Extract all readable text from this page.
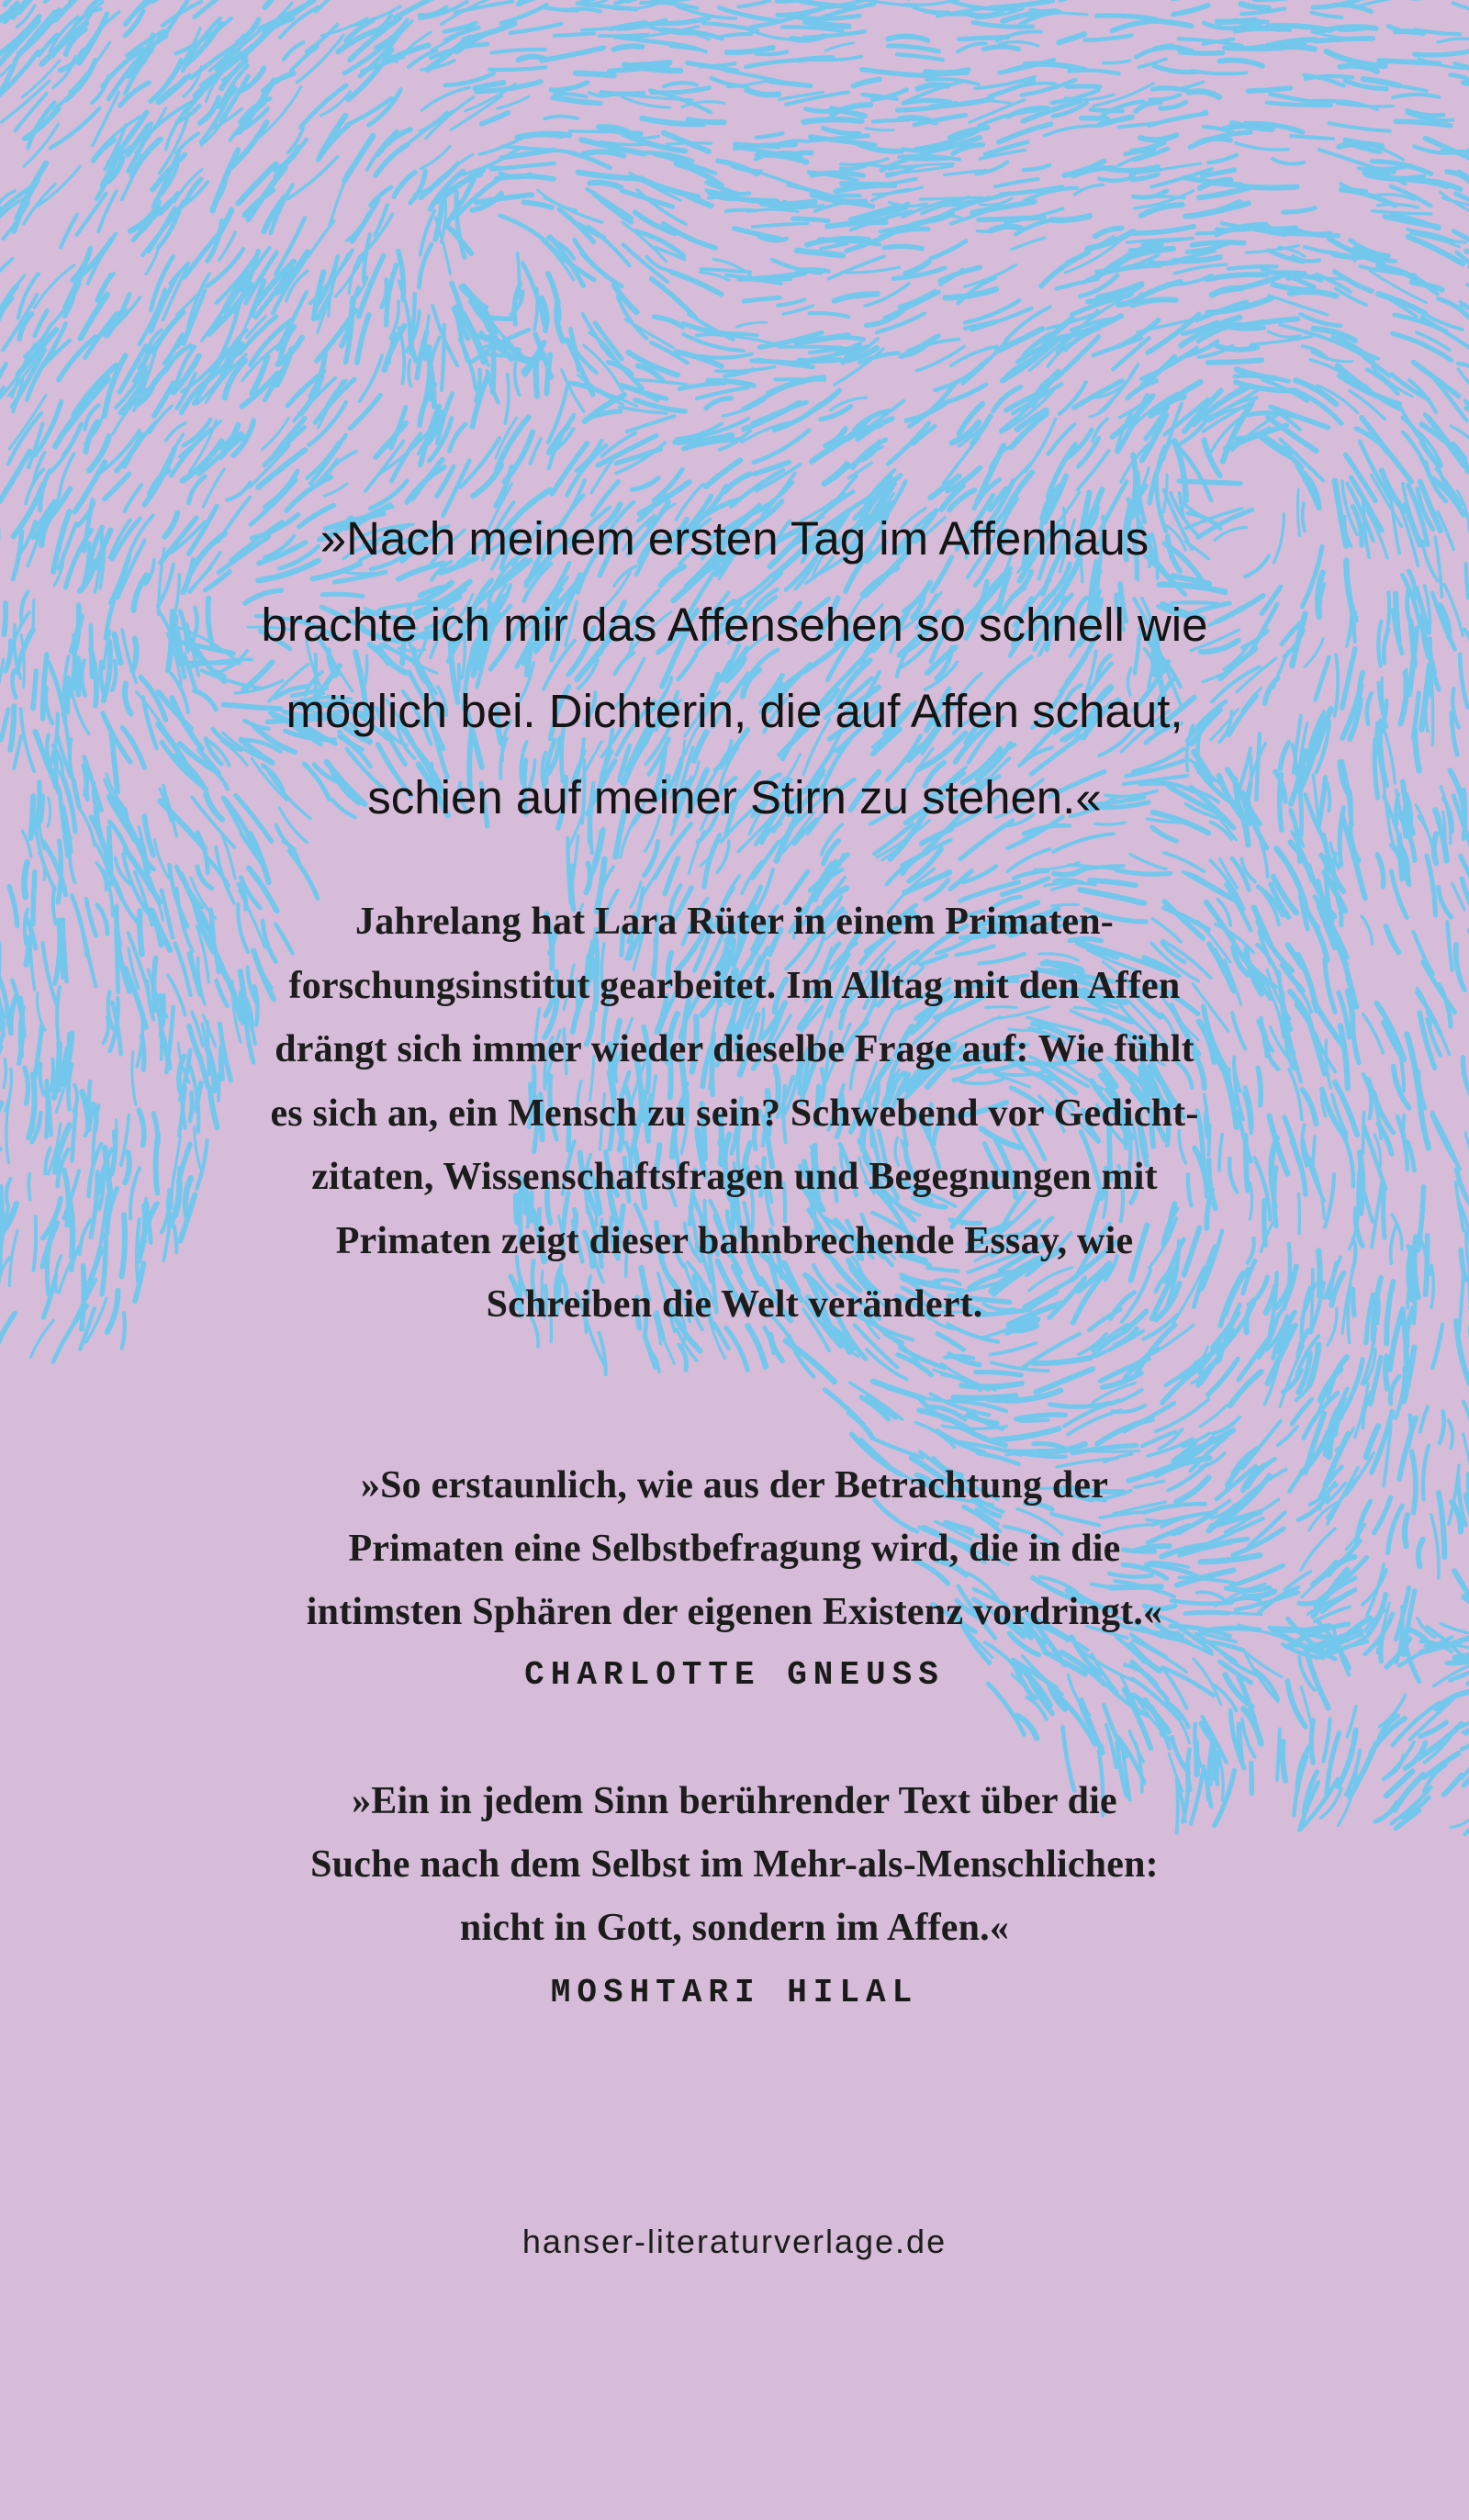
»Nach meinem ersten Tag im Affenhaus
brachte ich mir das Affensehen so schnell wie
möglich bei. Dichterin, die auf Affen schaut,
schien auf meiner Stirn zu stehen.«
Jahrelang hat Lara Rüter in einem Primaten-
forschungsinstitut gearbeitet. Im Alltag mit den Affen
drängt sich immer wieder dieselbe Frage auf: Wie fühlt
es sich an, ein Mensch zu sein? Schwebend vor Gedicht-
zitaten, Wissenschaftsfragen und Begegnungen mit
Primaten zeigt dieser bahnbrechende Essay, wie
Schreiben die Welt verändert.
»So erstaunlich, wie aus der Betrachtung der
Primaten eine Selbstbefragung wird, die in die
intimsten Sphären der eigenen Existenz vordringt.«
CHARLOTTE GNEUSS
»Ein in jedem Sinn berührender Text über die
Suche nach dem Selbst im Mehr-als-Menschlichen:
nicht in Gott, sondern im Affen.«
MOSHTARI HILAL
hanser-literaturverlage.de
